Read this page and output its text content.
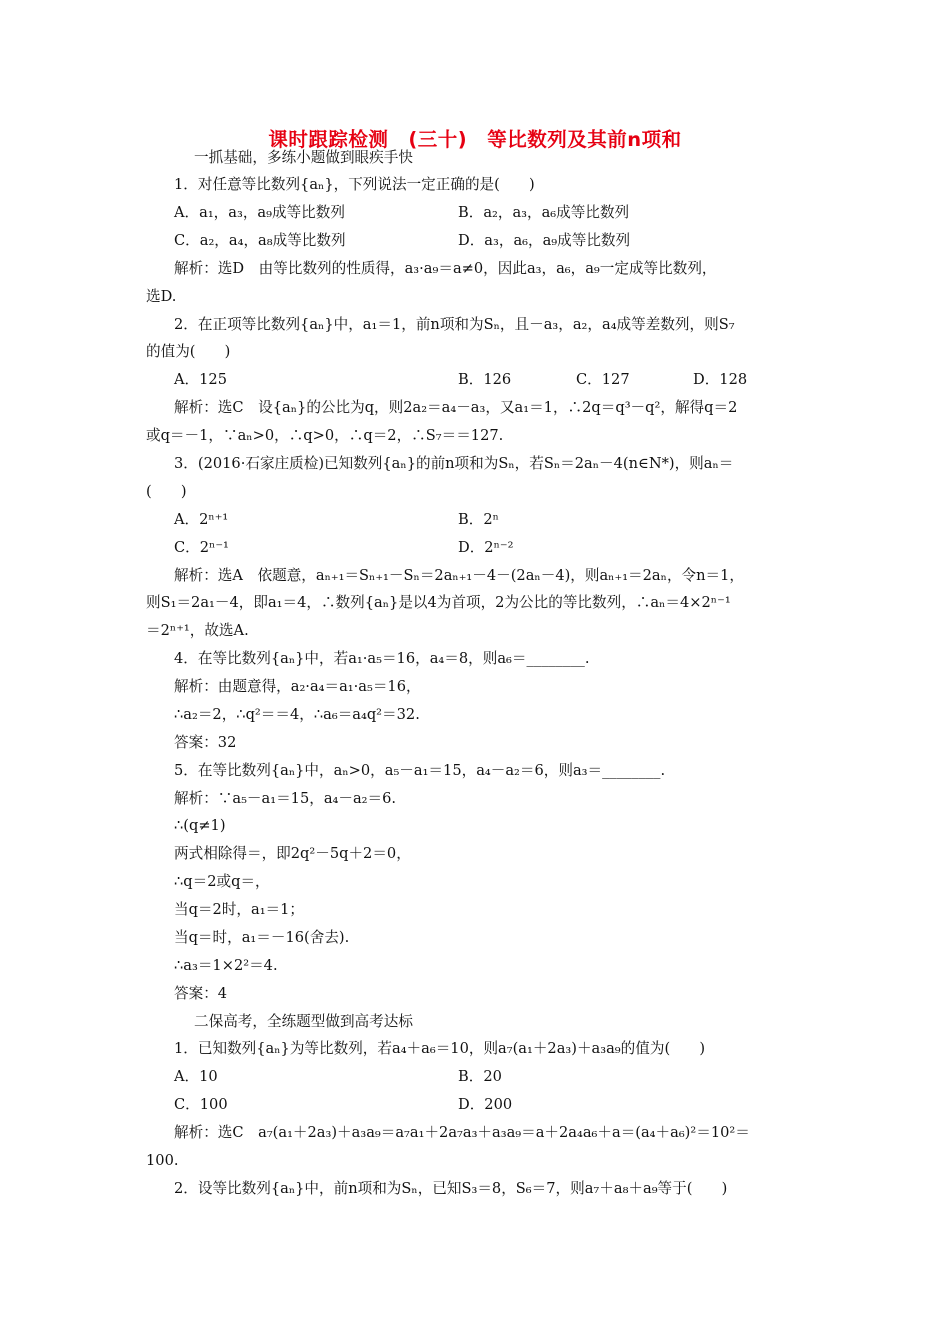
课时跟踪检测　(三十)　等比数列及其前n项和
一抓基础，多练小题做到眼疾手快
1．对任意等比数列{aₙ}，下列说法一定正确的是(　　)
A．a₁，a₃，a₉成等比数列	B．a₂，a₃，a₆成等比数列
C．a₂，a₄，a₈成等比数列	D．a₃，a₆，a₉成等比数列
解析：选D　由等比数列的性质得，a₃·a₉＝a≠0，因此a₃，a₆，a₉一定成等比数列，
选D.
2．在正项等比数列{aₙ}中，a₁＝1，前n项和为Sₙ，且－a₃，a₂，a₄成等差数列，则S₇
的值为(　　)
A．125	B．126	C．127	D．128
解析：选C　设{aₙ}的公比为q，则2a₂＝a₄－a₃，又a₁＝1，∴2q＝q³－q²，解得q＝2
或q＝－1，∵aₙ>0，∴q>0，∴q＝2，∴S₇＝＝127.
3．(2016·石家庄质检)已知数列{aₙ}的前n项和为Sₙ，若Sₙ＝2aₙ－4(n∈N*)，则aₙ＝
(　　)
A．2ⁿ⁺¹	B．2ⁿ
C．2ⁿ⁻¹	D．2ⁿ⁻²
解析：选A　依题意，aₙ₊₁＝Sₙ₊₁－Sₙ＝2aₙ₊₁－4－(2aₙ－4)，则aₙ₊₁＝2aₙ，令n＝1，
则S₁＝2a₁－4，即a₁＝4，∴数列{aₙ}是以4为首项，2为公比的等比数列，∴aₙ＝4×2ⁿ⁻¹
＝2ⁿ⁺¹，故选A.
4．在等比数列{aₙ}中，若a₁·a₅＝16，a₄＝8，则a₆＝________.
解析：由题意得，a₂·a₄＝a₁·a₅＝16，
∴a₂＝2，∴q²＝＝4，∴a₆＝a₄q²＝32.
答案：32
5．在等比数列{aₙ}中，aₙ>0，a₅－a₁＝15，a₄－a₂＝6，则a₃＝________.
解析：∵a₅－a₁＝15，a₄－a₂＝6.
∴(q≠1)
两式相除得＝，即2q²－5q＋2＝0，
∴q＝2或q＝，
当q＝2时，a₁＝1；
当q＝时，a₁＝－16(舍去).
∴a₃＝1×2²＝4.
答案：4
二保高考，全练题型做到高考达标
1．已知数列{aₙ}为等比数列，若a₄＋a₆＝10，则a₇(a₁＋2a₃)＋a₃a₉的值为(　　)
A．10	B．20
C．100	D．200
解析：选C　a₇(a₁＋2a₃)＋a₃a₉＝a₇a₁＋2a₇a₃＋a₃a₉＝a＋2a₄a₆＋a＝(a₄＋a₆)²＝10²＝
100.
2．设等比数列{aₙ}中，前n项和为Sₙ，已知S₃＝8，S₆＝7，则a₇＋a₈＋a₉等于(　　)
